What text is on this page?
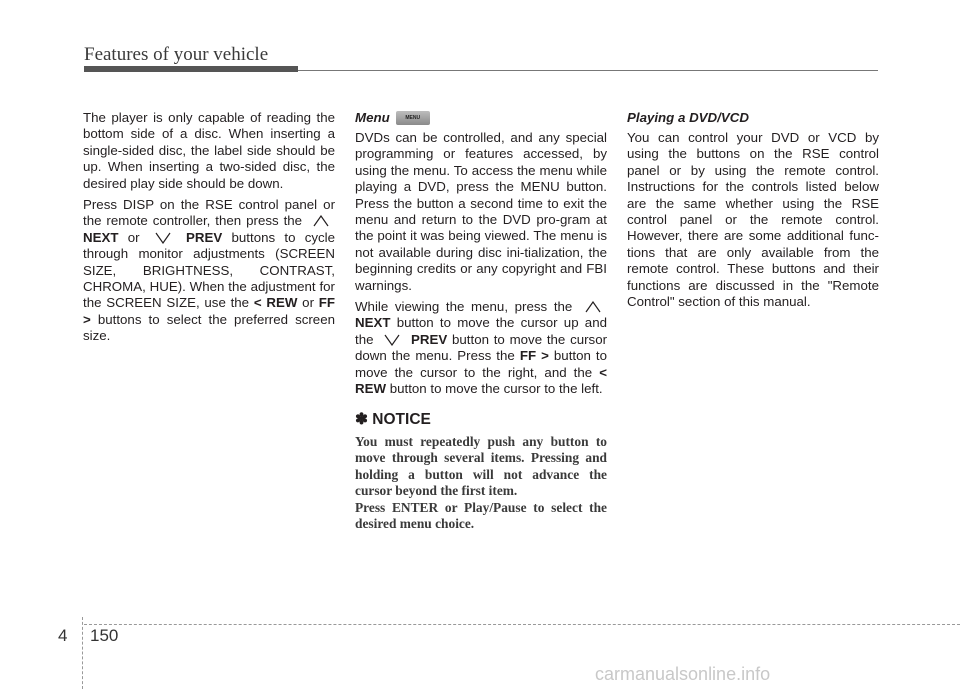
Features of your vehicle

The player is only capable of reading the bottom side of a disc. When inserting a single-sided disc, the label side should be up. When inserting a two-sided disc, the desired play side should be down.

Press DISP on the RSE control panel or the remote controller, then press the  NEXT or	PREV buttons to cycle through monitor adjustments (SCREEN SIZE, BRIGHTNESS, CONTRAST, CHROMA, HUE). When the adjustment for the SCREEN SIZE, use the < REW or FF > buttons to select the preferred screen size.

Menu	MENU

DVDs can be controlled, and any special programming or features accessed, by using the menu. To access the menu while playing a DVD, press the MENU button. Press the button a second time to exit the menu and return to the DVD pro-gram at the point it was being viewed. The menu is not available during disc ini-tialization, the beginning credits or any copyright and FBI warnings.

While viewing the menu, press the  NEXT button to move the cursor up and the	PREV button to move the cursor down the menu. Press the FF > button to move the cursor to the right, and the < REW button to move the cursor to the left.

✽ NOTICE

You must repeatedly push any button to move through several items. Pressing and holding a button will not advance the cursor beyond the first item.

Press ENTER or Play/Pause to select the desired menu choice.

Playing a DVD/VCD

You can control your DVD or VCD by using the buttons on the RSE control panel or by using the remote control. Instructions for the controls listed below are the same whether using the RSE control panel or the remote control. However, there are some additional func-tions that are only available from the remote control. These buttons and their functions are discussed in the "Remote Control" section of this manual.

4 150
carmanualsonline.info
